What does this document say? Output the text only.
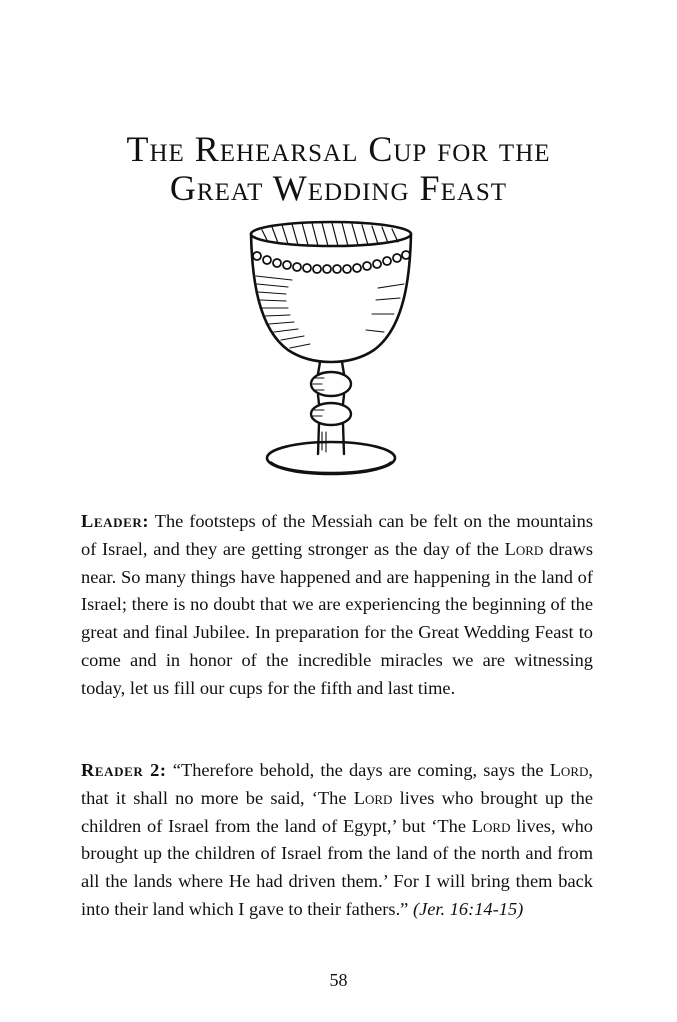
The Rehearsal Cup for the
Great Wedding Feast

Leader: The footsteps of the Messiah can be felt on the mountains of Israel, and they are getting stronger as the day of the Lord draws near. So many things have happened and are happening in the land of Israel; there is no doubt that we are experiencing the beginning of the great and final Jubilee. In preparation for the Great Wedding Feast to come and in honor of the incredible miracles we are witnessing today, let us fill our cups for the fifth and last time.

Reader 2: “Therefore behold, the days are coming, says the Lord, that it shall no more be said, ‘The Lord lives who brought up the children of Israel from the land of Egypt,’ but ‘The Lord lives, who brought up the children of Israel from the land of the north and from all the lands where He had driven them.’ For I will bring them back into their land which I gave to their fathers.” (Jer. 16:14-15)

58
